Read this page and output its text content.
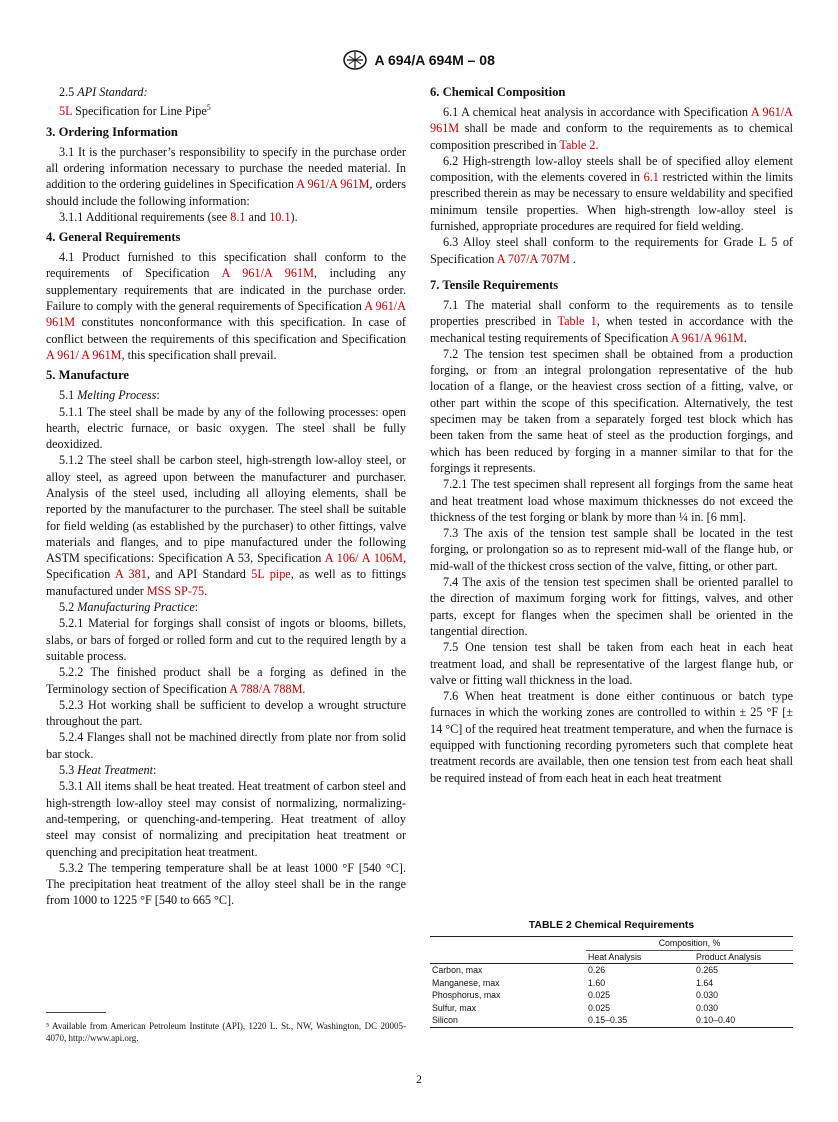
A 694/A 694M – 08

2.5 API Standard:

5L Specification for Line Pipe$^5$

3. Ordering Information

3.1 It is the purchaser’s responsibility to specify in the purchase order all ordering information necessary to purchase the needed material. In addition to the ordering guidelines in Specification A 961/A 961M, orders should include the following information:

3.1.1 Additional requirements (see 8.1 and 10.1).

4. General Requirements

4.1 Product furnished to this specification shall conform to the requirements of Specification A 961/A 961M, including any supplementary requirements that are indicated in the purchase order. Failure to comply with the general requirements of Specification A 961/A 961M constitutes nonconformance with this specification. In case of conflict between the requirements of this specification and Specification A 961/ A 961M, this specification shall prevail.

5. Manufacture

5.1 Melting Process:

5.1.1 The steel shall be made by any of the following processes: open hearth, electric furnace, or basic oxygen. The steel shall be fully deoxidized.

5.1.2 The steel shall be carbon steel, high-strength low-alloy steel, or alloy steel, as agreed upon between the manufacturer and purchaser. Analysis of the steel used, including all alloying elements, shall be reported by the manufacturer to the purchaser. The steel shall be suitable for field welding (as established by the purchaser) to other fittings, valve materials and flanges, and to pipe manufactured under the following ASTM specifications: Specification A 53, Specification A 106/ A 106M, Specification A 381, and API Standard 5L pipe, as well as to fittings manufactured under MSS SP-75.

5.2 Manufacturing Practice:

5.2.1 Material for forgings shall consist of ingots or blooms, billets, slabs, or bars of forged or rolled form and cut to the required length by a suitable process.

5.2.2 The finished product shall be a forging as defined in the Terminology section of Specification A 788/A 788M.

5.2.3 Hot working shall be sufficient to develop a wrought structure throughout the part.

5.2.4 Flanges shall not be machined directly from plate nor from solid bar stock.

5.3 Heat Treatment:

5.3.1 All items shall be heat treated. Heat treatment of carbon steel and high-strength low-alloy steel may consist of normalizing, normalizing-and-tempering, or quenching-and-tempering. Heat treatment of alloy steel may consist of normalizing and precipitation heat treatment or quenching and precipitation heat treatment.

5.3.2 The tempering temperature shall be at least 1000 °F [540 °C]. The precipitation heat treatment of the alloy steel shall be in the range from 1000 to 1225 °F [540 to 665 °C].

⁵ Available from American Petroleum Institute (API), 1220 L. St., NW, Washington, DC 20005-4070, http://www.api.org.
6. Chemical Composition

6.1 A chemical heat analysis in accordance with Specification A 961/A 961M shall be made and conform to the requirements as to chemical composition prescribed in Table 2.

6.2 High-strength low-alloy steels shall be of specified alloy element composition, with the elements covered in 6.1 restricted within the limits prescribed therein as may be necessary to ensure weldability and specified minimum tensile properties. When high-strength low-alloy steel is furnished, appropriate procedures are required for field welding.

6.3 Alloy steel shall conform to the requirements for Grade L 5 of Specification A 707/A 707M .

7. Tensile Requirements

7.1 The material shall conform to the requirements as to tensile properties prescribed in Table 1, when tested in accordance with the mechanical testing requirements of Specification A 961/A 961M.

7.2 The tension test specimen shall be obtained from a production forging, or from an integral prolongation representative of the hub location of a flange, or the heaviest cross section of a fitting, valve, or other part within the scope of this specification. Alternatively, the test specimen may be taken from a separately forged test block which has been taken from the same heat of steel as the production forgings, and which has been reduced by forging in a manner similar to that for the forgings it represents.

7.2.1 The test specimen shall represent all forgings from the same heat and heat treatment load whose maximum thicknesses do not exceed the thickness of the test forging or blank by more than ¼ in. [6 mm].

7.3 The axis of the tension test sample shall be located in the test forging, or prolongation so as to represent mid-wall of the flange hub, or mid-wall of the thickest cross section of the valve, fitting, or other part.

7.4 The axis of the tension test specimen shall be oriented parallel to the direction of maximum forging work for fittings, valves, and other parts, except for flanges when the specimen shall be oriented in the tangential direction.

7.5 One tension test shall be taken from each heat in each heat treatment load, and shall be representative of the largest flange hub, or valve or fitting wall thickness in the load.

7.6 When heat treatment is done either continuous or batch type furnaces in which the working zones are controlled to within ± 25 °F [± 14 °C] of the required heat treatment temperature, and when the furnace is equipped with functioning recording pyrometers such that complete heat treatment records are available, then one tension test from each heat shall be required instead of from each heat in each heat treatment

TABLE 2 Chemical Requirements
	Composition, %	
	Heat Analysis	Product Analysis
Carbon, max	0.26	0.265
Manganese, max	1.60	1.64
Phosphorus, max	0.025	0.030
Sulfur, max	0.025	0.030
Silicon	0.15–0.35	0.10–0.40
2
